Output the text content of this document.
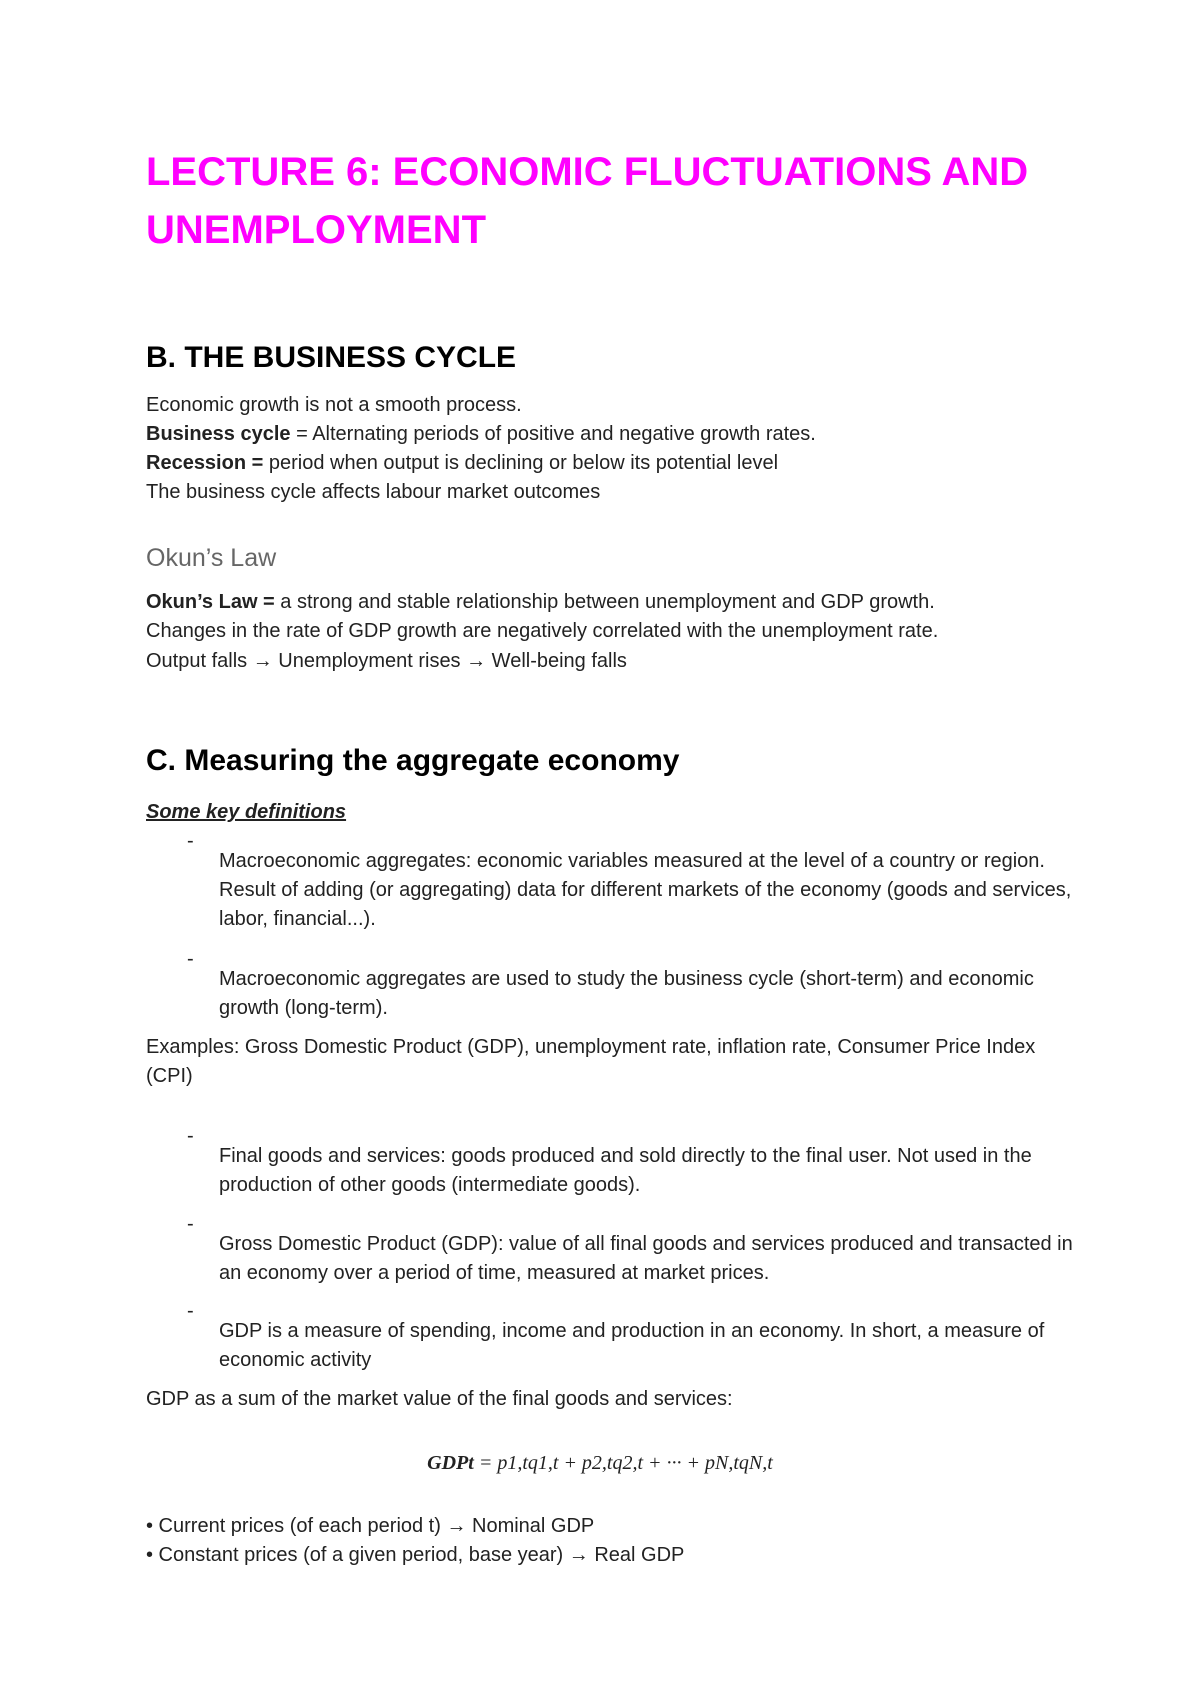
LECTURE 6: ECONOMIC FLUCTUATIONS AND UNEMPLOYMENT
B. THE BUSINESS CYCLE

Economic growth is not a smooth process.

Business cycle = Alternating periods of positive and negative growth rates.

Recession = period when output is declining or below its potential level

The business cycle affects labour market outcomes

Okun’s Law

Okun’s Law = a strong and stable relationship between unemployment and GDP growth.

Changes in the rate of GDP growth are negatively correlated with the unemployment rate.

Output falls → Unemployment rises → Well-being falls

C. Measuring the aggregate economy

Some key definitions

-

Macroeconomic aggregates: economic variables measured at the level of a country or region. Result of adding (or aggregating) data for different markets of the economy (goods and services, labor, financial...).

-

Macroeconomic aggregates are used to study the business cycle (short-term) and economic growth (long-term).

Examples: Gross Domestic Product (GDP), unemployment rate, inflation rate, Consumer Price Index (CPI)

-

Final goods and services: goods produced and sold directly to the final user. Not used in the production of other goods (intermediate goods).

-

Gross Domestic Product (GDP): value of all final goods and services produced and transacted in an economy over a period of time, measured at market prices.

-

GDP is a measure of spending, income and production in an economy. In short, a measure of economic activity

GDP as a sum of the market value of the final goods and services:

GDPt = p1,tq1,t + p2,tq2,t + ··· + pN,tqN,t

• Current prices (of each period t) → Nominal GDP

• Constant prices (of a given period, base year) → Real GDP
